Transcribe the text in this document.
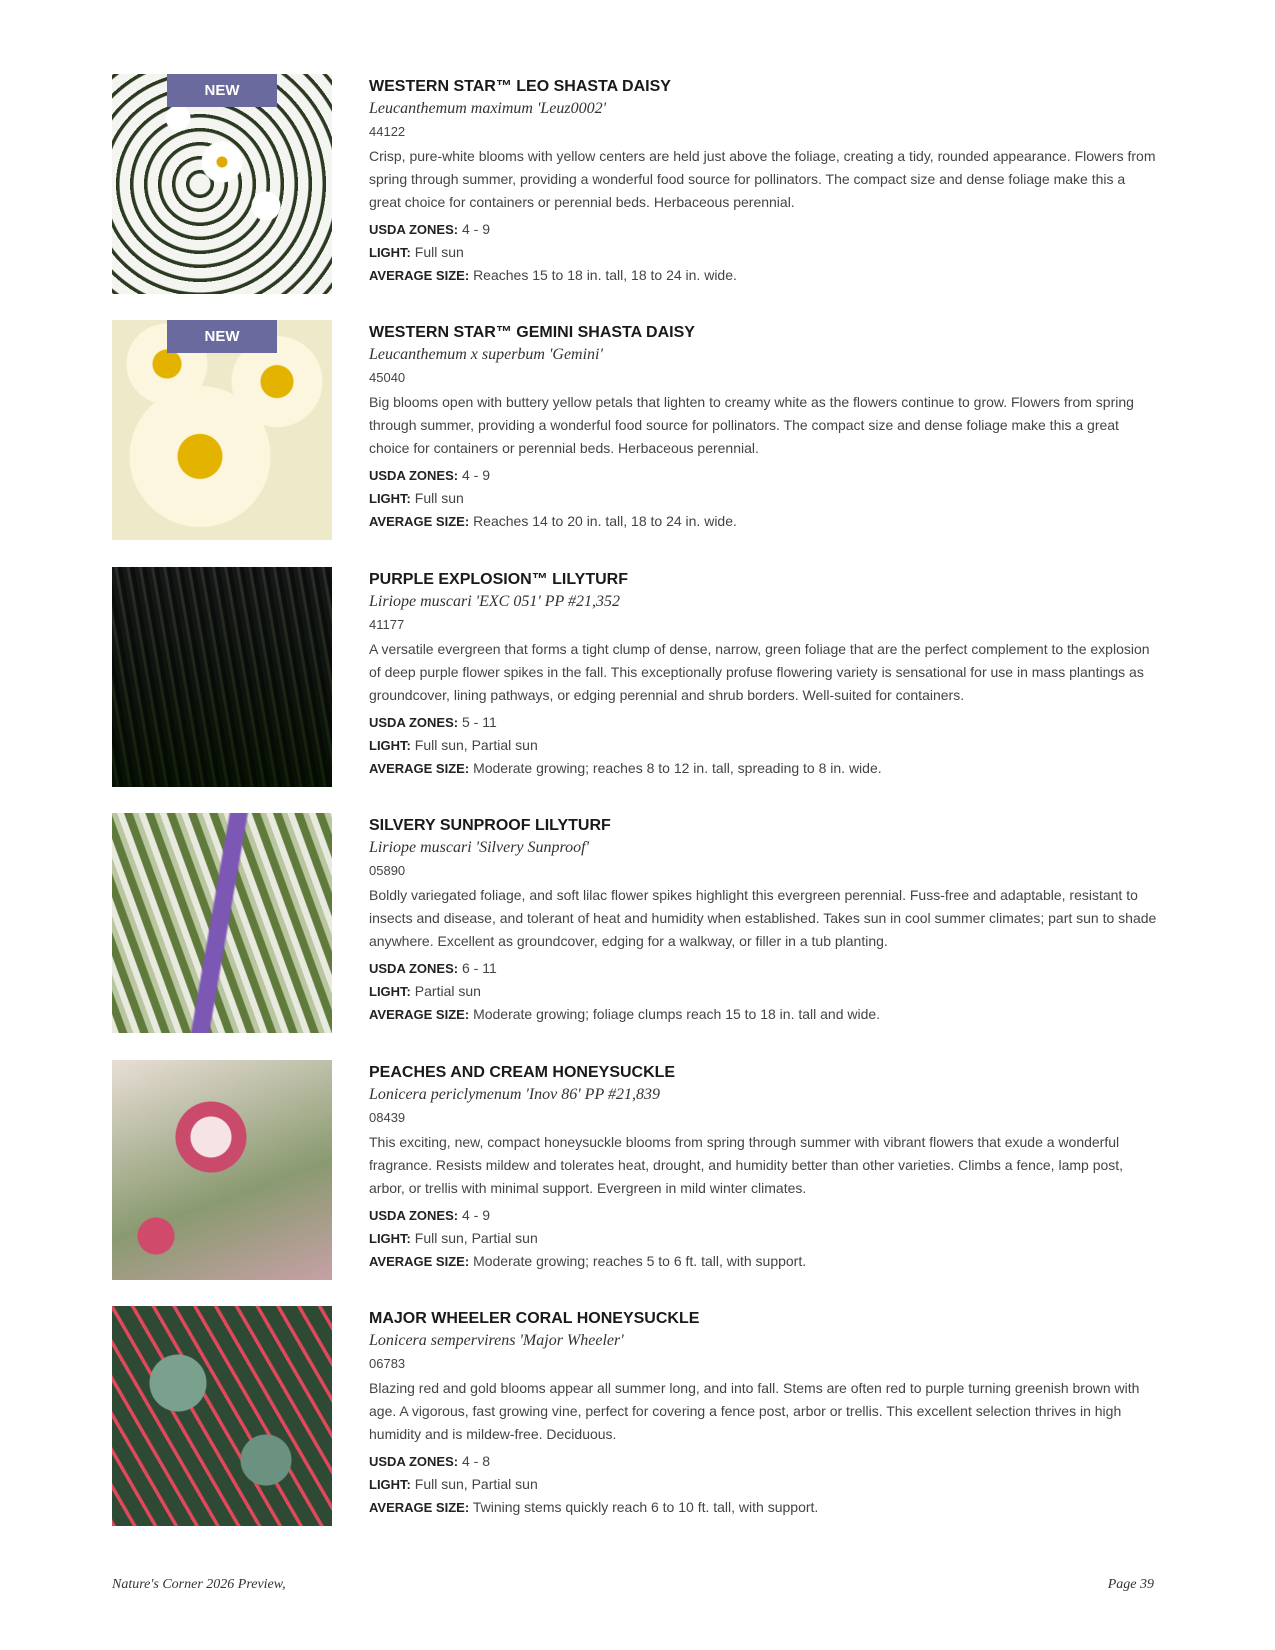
NEW	WESTERN STAR™ LEO SHASTA DAISY
Leucanthemum maximum 'Leuz0002'
44122
Crisp, pure-white blooms with yellow centers are held just above the foliage, creating a tidy, rounded appearance. Flowers from spring through summer, providing a wonderful food source for pollinators. The compact size and dense foliage make this a great choice for containers or perennial beds. Herbaceous perennial.
USDA ZONES: 4 - 9
LIGHT: Full sun
AVERAGE SIZE: Reaches 15 to 18 in. tall, 18 to 24 in. wide.
NEW	WESTERN STAR™ GEMINI SHASTA DAISY
Leucanthemum x superbum 'Gemini'
45040
Big blooms open with buttery yellow petals that lighten to creamy white as the flowers continue to grow. Flowers from spring through summer, providing a wonderful food source for pollinators. The compact size and dense foliage make this a great choice for containers or perennial beds. Herbaceous perennial.
USDA ZONES: 4 - 9
LIGHT: Full sun
AVERAGE SIZE: Reaches 14 to 20 in. tall, 18 to 24 in. wide.
PURPLE EXPLOSION™ LILYTURF
Liriope muscari 'EXC 051' PP #21,352
41177
A versatile evergreen that forms a tight clump of dense, narrow, green foliage that are the perfect complement to the explosion of deep purple flower spikes in the fall. This exceptionally profuse flowering variety is sensational for use in mass plantings as groundcover, lining pathways, or edging perennial and shrub borders. Well-suited for containers.
USDA ZONES: 5 - 11
LIGHT: Full sun, Partial sun
AVERAGE SIZE: Moderate growing; reaches 8 to 12 in. tall, spreading to 8 in. wide.
SILVERY SUNPROOF LILYTURF
Liriope muscari 'Silvery Sunproof'
05890
Boldly variegated foliage, and soft lilac flower spikes highlight this evergreen perennial. Fuss-free and adaptable, resistant to insects and disease, and tolerant of heat and humidity when established. Takes sun in cool summer climates; part sun to shade anywhere. Excellent as groundcover, edging for a walkway, or filler in a tub planting.
USDA ZONES: 6 - 11
LIGHT: Partial sun
AVERAGE SIZE: Moderate growing; foliage clumps reach 15 to 18 in. tall and wide.
PEACHES AND CREAM HONEYSUCKLE
Lonicera periclymenum 'Inov 86' PP #21,839
08439
This exciting, new, compact honeysuckle blooms from spring through summer with vibrant flowers that exude a wonderful fragrance. Resists mildew and tolerates heat, drought, and humidity better than other varieties. Climbs a fence, lamp post, arbor, or trellis with minimal support. Evergreen in mild winter climates.
USDA ZONES: 4 - 9
LIGHT: Full sun, Partial sun
AVERAGE SIZE: Moderate growing; reaches 5 to 6 ft. tall, with support.
MAJOR WHEELER CORAL HONEYSUCKLE
Lonicera sempervirens 'Major Wheeler'
06783
Blazing red and gold blooms appear all summer long, and into fall. Stems are often red to purple turning greenish brown with age. A vigorous, fast growing vine, perfect for covering a fence post, arbor or trellis. This excellent selection thrives in high humidity and is mildew-free. Deciduous.
USDA ZONES: 4 - 8
LIGHT: Full sun, Partial sun
AVERAGE SIZE: Twining stems quickly reach 6 to 10 ft. tall, with support.
Nature's Corner 2026 Preview,	Page 39
